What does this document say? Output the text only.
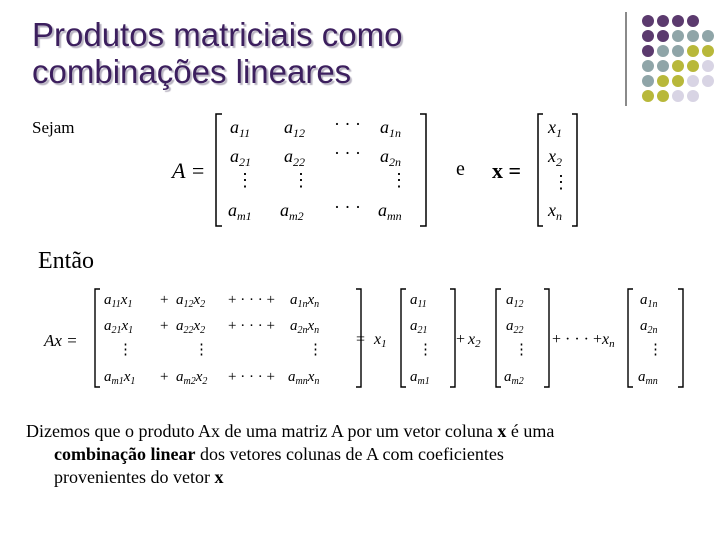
Produtos matriciais como
combinações lineares
Sejam
A =
$a_{11}$ $a_{12}$ · · · $a_{1n}$
$a_{21}$ $a_{22}$ · · · $a_{2n}$
⋮ ⋮	⋮
$a_{m1}$ $a_{m2}$ · · · $a_{mn}$
e x =
$x_1$
$x_2$
⋮
$x_n$
Então
Ax =
$a_{11}x_1 + a_{12}x_2$ + · · · + $a_{1n}x_n$
$a_{21}x_1 + a_{22}x_2$ + · · · + $a_{2n}x_n$
⋮	⋮	⋮
$a_{m1}x_1 + a_{m2}x_2$ + · · · + $a_{mn}x_n$
= x1
$a_{11}$
$a_{21}$
⋮
$a_{m1}$
+ x2
$a_{12}$
$a_{22}$
⋮
$a_{m2}$
+ · · · + xn
$a_{1n}$
$a_{2n}$
⋮
$a_{mn}$
Dizemos que o produto Ax de uma matriz A por um vetor coluna x é uma
combinação linear dos vetores colunas de A com coeficientes
provenientes do vetor x
